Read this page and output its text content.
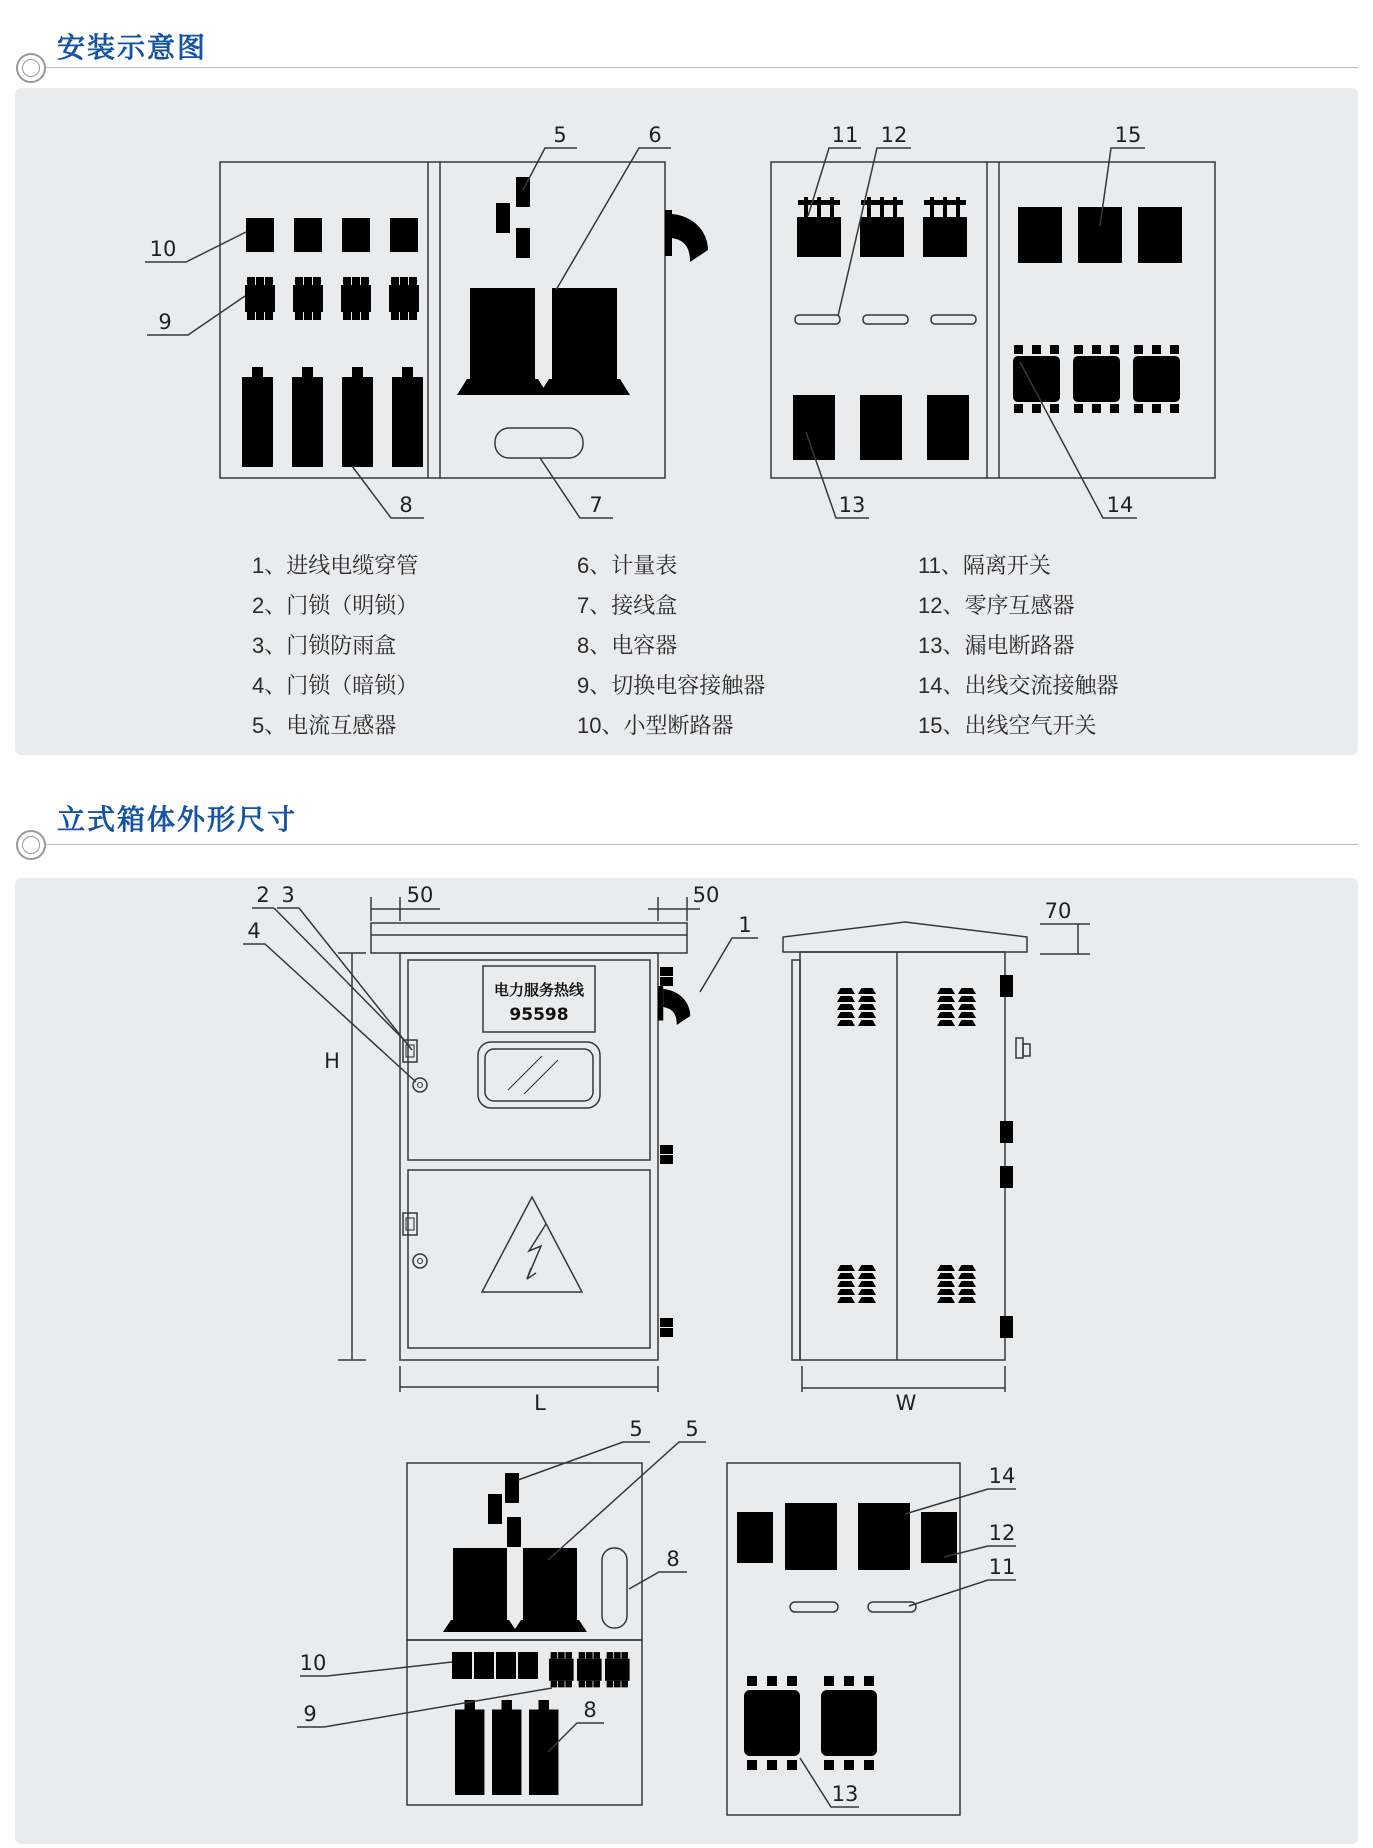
安装示意图
10
9
8	7
5	6	11 12	15
13	14
1、进线电缆穿管
2、门锁（明锁）
3、门锁防雨盒
4、门锁（暗锁）
5、电流互感器
6、计量表
7、接线盒
8、电容器
9、切换电容接触器
10、小型断路器
11、隔离开关
12、零序互感器
13、漏电断路器
14、出线交流接触器
15、出线空气开关
立式箱体外形尺寸
电力服务热线
95598
50	50
70
H
L	W
2 3
4	1
5 5
8
10
9	8
14
12
11
13
